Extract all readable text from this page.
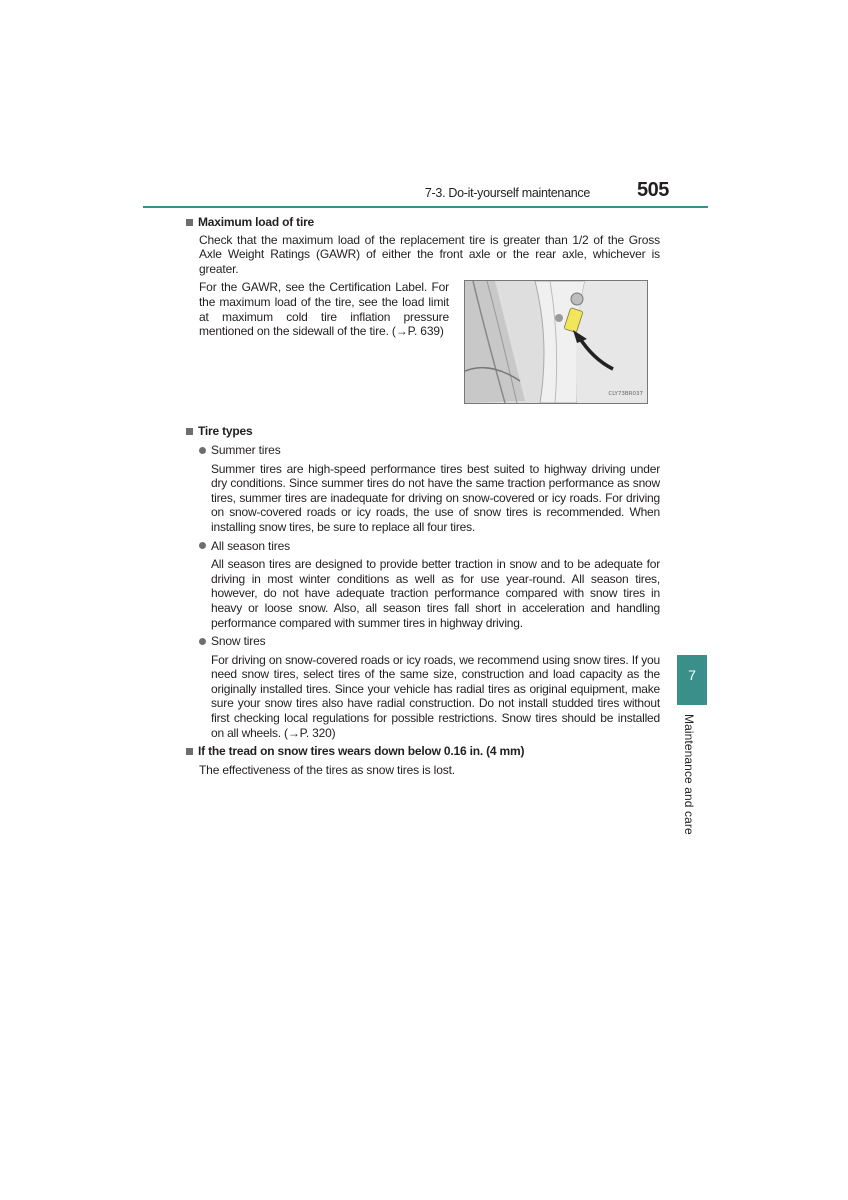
7-3. Do-it-yourself maintenance 505
Maximum load of tire
Check that the maximum load of the replacement tire is greater than 1/2 of the Gross Axle Weight Ratings (GAWR) of either the front axle or the rear axle, whichever is greater.
For the GAWR, see the Certification Label. For the maximum load of the tire, see the load limit at maximum cold tire inflation pressure mentioned on the sidewall of the tire. (→P. 639)
CLY73BR037
Tire types
Summer tires
Summer tires are high-speed performance tires best suited to highway driving under dry conditions. Since summer tires do not have the same traction performance as snow tires, summer tires are inadequate for driving on snow-covered or icy roads. For driving on snow-covered roads or icy roads, the use of snow tires is recommended. When installing snow tires, be sure to replace all four tires.
All season tires
All season tires are designed to provide better traction in snow and to be adequate for driving in most winter conditions as well as for use year-round. All season tires, however, do not have adequate traction performance compared with snow tires in heavy or loose snow. Also, all season tires fall short in acceleration and handling performance compared with summer tires in highway driving.
Snow tires
For driving on snow-covered roads or icy roads, we recommend using snow tires. If you need snow tires, select tires of the same size, construction and load capacity as the originally installed tires. Since your vehicle has radial tires as original equipment, make sure your snow tires also have radial construction. Do not install studded tires without first checking local regulations for possible restrictions. Snow tires should be installed on all wheels. (→P. 320)
If the tread on snow tires wears down below 0.16 in. (4 mm)
The effectiveness of the tires as snow tires is lost.
7
Maintenance and care
